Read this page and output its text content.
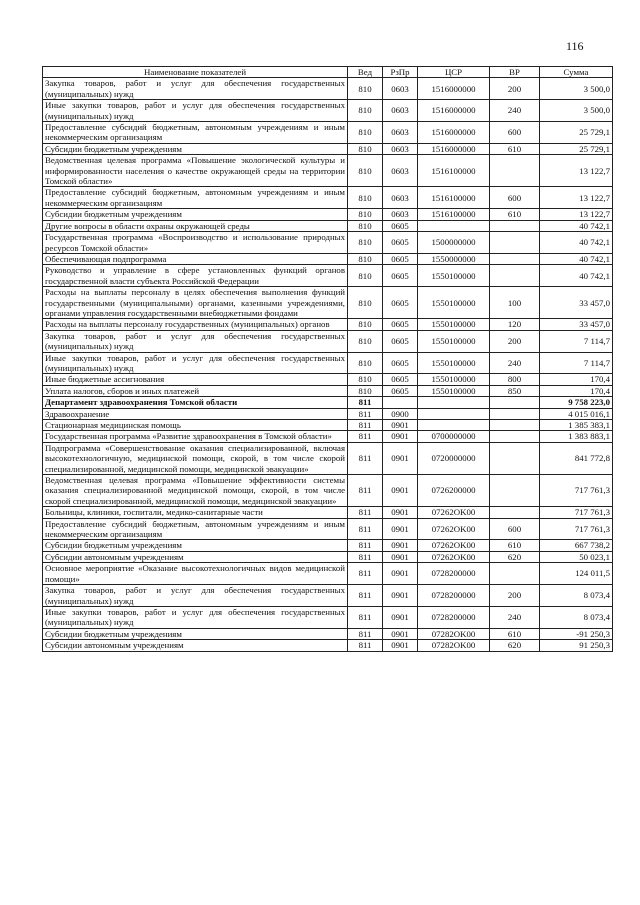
116
Наименование показателей	Вед	РзПр	ЦСР	ВР	Сумма
Закупка товаров, работ и услуг для обеспечения государственных (муниципальных) нужд	810	0603	1516000000	200	3 500,0
Иные закупки товаров, работ и услуг для обеспечения государственных (муниципальных) нужд	810	0603	1516000000	240	3 500,0
Предоставление субсидий бюджетным, автономным учреждениям и иным некоммерческим организациям	810	0603	1516000000	600	25 729,1
Субсидии бюджетным учреждениям	810	0603	1516000000	610	25 729,1
Ведомственная целевая программа «Повышение экологической культуры и информированности населения о качестве окружающей среды на территории Томской области»	810	0603	1516100000		13 122,7
Предоставление субсидий бюджетным, автономным учреждениям и иным некоммерческим организациям	810	0603	1516100000	600	13 122,7
Субсидии бюджетным учреждениям	810	0603	1516100000	610	13 122,7
Другие вопросы в области охраны окружающей среды	810	0605			40 742,1
Государственная программа «Воспроизводство и использование природных ресурсов Томской области»	810	0605	1500000000		40 742,1
Обеспечивающая подпрограмма	810	0605	1550000000		40 742,1
Руководство и управление в сфере установленных функций органов государственной власти субъекта Российской Федерации	810	0605	1550100000		40 742,1
Расходы на выплаты персоналу в целях обеспечения выполнения функций государственными (муниципальными) органами, казенными учреждениями, органами управления государственными внебюджетными фондами	810	0605	1550100000	100	33 457,0
Расходы на выплаты персоналу государственных (муниципальных) органов	810	0605	1550100000	120	33 457,0
Закупка товаров, работ и услуг для обеспечения государственных (муниципальных) нужд	810	0605	1550100000	200	7 114,7
Иные закупки товаров, работ и услуг для обеспечения государственных (муниципальных) нужд	810	0605	1550100000	240	7 114,7
Иные бюджетные ассигнования	810	0605	1550100000	800	170,4
Уплата налогов, сборов и иных платежей	810	0605	1550100000	850	170,4
Департамент здравоохранения Томской области	811				9 758 223,0
Здравоохранение	811	0900			4 015 016,1
Стационарная медицинская помощь	811	0901			1 385 383,1
Государственная программа «Развитие здравоохранения в Томской области»	811	0901	0700000000		1 383 883,1
Подпрограмма «Совершенствование оказания специализированной, включая высокотехнологичную, медицинской помощи, скорой, в том числе скорой специализированной, медицинской помощи, медицинской эвакуации»	811	0901	0720000000		841 772,8
Ведомственная целевая программа «Повышение эффективности системы оказания специализированной медицинской помощи, скорой, в том числе скорой специализированной, медицинской помощи, медицинской эвакуации»	811	0901	0726200000		717 761,3
Больницы, клиники, госпитали, медико-санитарные части	811	0901	07262OK00		717 761,3
Предоставление субсидий бюджетным, автономным учреждениям и иным некоммерческим организациям	811	0901	07262OK00	600	717 761,3
Субсидии бюджетным учреждениям	811	0901	07262OK00	610	667 738,2
Субсидии автономным учреждениям	811	0901	07262OK00	620	50 023,1
Основное мероприятие «Оказание высокотехнологичных видов медицинской помощи»	811	0901	0728200000		124 011,5
Закупка товаров, работ и услуг для обеспечения государственных (муниципальных) нужд	811	0901	0728200000	200	8 073,4
Иные закупки товаров, работ и услуг для обеспечения государственных (муниципальных) нужд	811	0901	0728200000	240	8 073,4
Субсидии бюджетным учреждениям	811	0901	07282OK00	610	-91 250,3
Субсидии автономным учреждениям	811	0901	07282OK00	620	91 250,3
